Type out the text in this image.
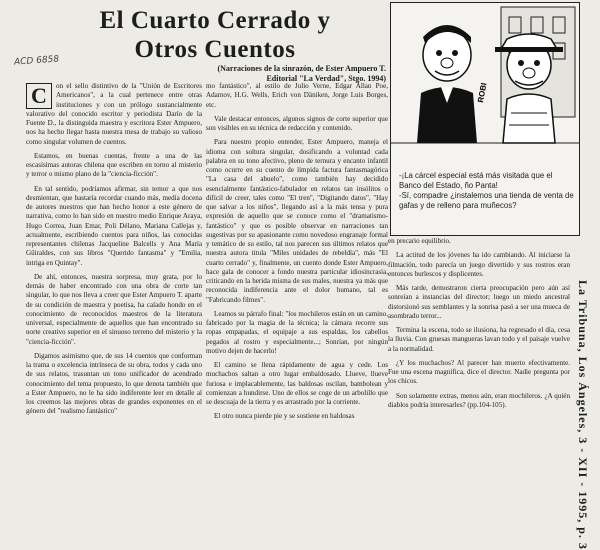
El Cuarto Cerrado y
Otros Cuentos
ACD 6858
(Narraciones de la sinrazón, de Ester Ampuero T. Editorial "La Verdad", Stgo. 1994)
C	on el sello distintivo de la "Unión de Escritores Americanos", a la cual pertenece entre otras instituciones y con un prólogo sustancialmente valorativo del conocido escritor y periodista Darío de la Fuente D., la distinguida maestra y escritora Ester Ampuero, nos ha hecho llegar hasta nuestra mesa de trabajo su valioso como singular volumen de cuentos.

Estamos, en buenas cuentas, frente a una de las escasísimas autoras chilena que escriben en torno al misterio y terror o mismo plano de la "ciencia-ficción".

En tal sentido, podríamos afirmar, sin temor a que nos desmientan, que bastaría recordar cuando más, media docena de autores nuestros que han hecho honor a este género de narrativa, como lo han sido en nuestro medio Enrique Araya, Hugo Correa, Juan Emar, Poli Délano, Mariana Callejas y, actualmente, escribiendo cuentos para niños, las conocidas representantes chilenas Jacqueline Balcells y Ana María Güiraldes, con sus libros "Querido fantasma" y "Emilia, intriga en Quintay".

De ahí, entonces, nuestra sorpresa, muy grata, por lo demás de haber encontrado con una obra de corte tan singular, lo que nos lleva a creer que Ester Ampuero T. aparte de su condición de maestra y poetisa, ha calado hondo en el conocimiento de reconocidos maestros de la literatura universal, especialmente de aquellos que han encontrado su norte creativo superior en el sinuoso terreno del misterio y la "ciencia-ficción".

Digamos asimismo que, de sus 14 cuentos que conforman la trama o excelencia intrínseca de su obra, todos y cada uno de sus relatos, trasuntan un tono unificador de acendrado conocimiento del tema propuesto, lo que denota también que a Ester Ampuero, no le ha sido indiferente leer en detalle al los creemos las mejores obras de grandes exponentes en el género del "realismo fantástico"

mo fantástico", al estilo de Julio Verne, Edgar Allan Poe, Adamov, H.G. Wells, Erich von Däniken, Jorge Luis Borges, etc.

Vale destacar entonces, algunos signos de corte superior que son visibles en su técnica de redacción y contenido.

Para nuestro propio entender, Ester Ampuero, maneja el idioma con soltura singular, dosificando a voluntad cada palabra en su tono afectivo, pleno de ternura y encanto infantil como ocurre en su cuento de limpida factura fantasmagórica "La casa del abuelo", como también hay decidido esencialmente fantástico-fabulador en relatos tan insólitos o difícil de creer, tales como "El tren", "Digitando datos", "Hay que salvar a los niños", llegando así a la más tensa y pura expresión de aquello que se conoce como el "dramatismo-fantástico" y que es posible observar en narraciones tan sugestivas por su apasionante como novedoso engranaje formal y temático de su estilo, tal nos parecen sus últimos relatos que nuestra autora titula "Miles unidades de rebeldía", más "El cuarto cerrado" y, finalmente, un cuento donde Ester Ampuero, hace gala de conocer a fondo nuestra particular idiosincrasia, criticando en la herida misma de sus males, nuestra ya más que reconocida indiferencia ante el dolor humano, tal es "Fabricando filmes".

Leamos su párrafo final: "los mochileros están en un camino, fabricado por la magia de la técnica; la cámara recorre sus ropas empapadas, el equipaje a sus espaldas, los cabellos pegados al rostro y especialmente...; Sonrían, por ningún motivo dejen de hacerlo!

El camino se llena rápidamente de agua y cede. Los muchachos saltan a otro lugar embaldosado. Llueve, llueve furiosa e implacablemente, las baldosas oscilan, bambolean y comienzan a hundirse. Uno de ellos se coge de un arbolillo que se descuaja de la tierra y es arrastrado por la corriente.

El otro nunca pierde pie y se sostiene en baldosas

ROBI
-¡La cárcel especial está más visitada que el Banco del Estado, ño Panta!
-Sí, compadre ¿instalemos una tienda de venta de gafas y de relleno para muñecos?

en precario equilibrio.

La actitud de los jóvenes ha ido cambiando. Al iniciarse la filmación, todo parecía un juego divertido y sus rostros eran entonces burlescos y displicentes.

Más tarde, demostraron cierta preocupación pero aún así sonreían a instancias del director; luego un miedo ancestral distorsionó sus semblantes y la sonrisa pasó a ser una mueca de asombrado terror...

Termina la escena, todo se ilusiona, ha regresado el día, cesa la lluvia. Con gruesas mangueras lavan todo y el paisaje vuelve a la normalidad.

¿Y los muchachos? Al parecer han muerto efectivamente. Fue una escena magnífica, dice el director. Nadie pregunta por los chicos.

Son solamente extras, menos aún, eran mochileros. ¿A quién diablos podría interesarles? (pp.104-105).	La Tribuna, Los Ángeles, 3 - XII - 1995, p. 3
